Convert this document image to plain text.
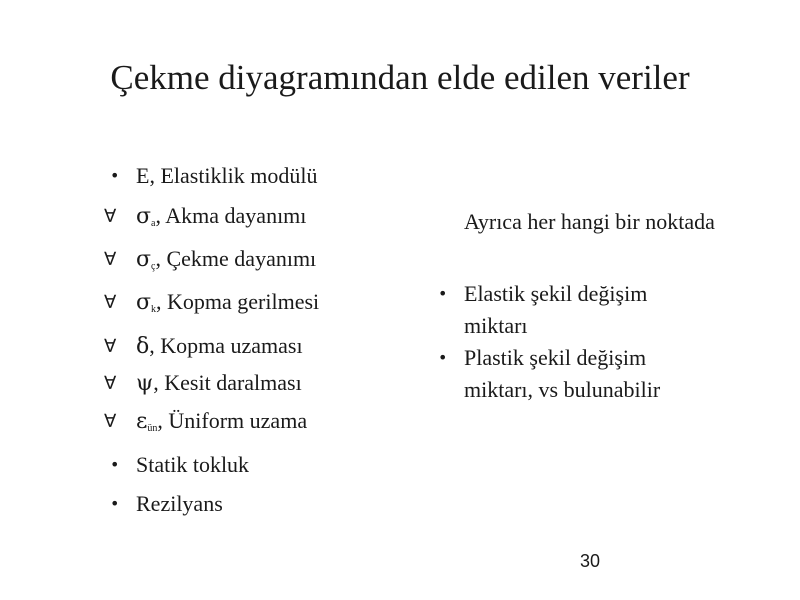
Çekme diyagramından elde edilen veriler
• E, Elastiklik modülü
∀ $\sigma_a$, Akma dayanımı
∀ $\sigma_ç$, Çekme dayanımı
∀ $\sigma_k$, Kopma gerilmesi
∀ δ, Kopma uzaması
∀ ψ, Kesit daralması
∀ $\varepsilon_{ün}$, Üniform uzama
• Statik tokluk
• Rezilyans
Ayrıca her hangi bir noktada
• Elastik şekil değişim miktarı
• Plastik şekil değişim miktarı, vs bulunabilir
30
